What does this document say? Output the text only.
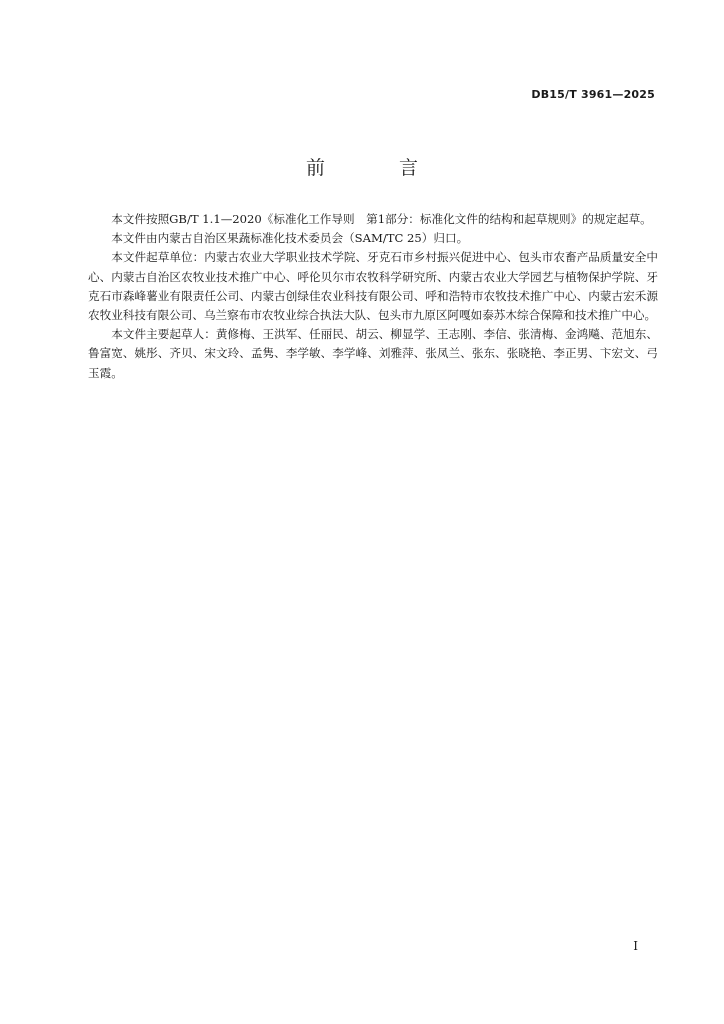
DB15/T 3961—2025
前 言

本文件按照GB/T 1.1—2020《标准化工作导则　第1部分：标准化文件的结构和起草规则》的规定起草。

本文件由内蒙古自治区果蔬标准化技术委员会（SAM/TC 25）归口。

本文件起草单位：内蒙古农业大学职业技术学院、牙克石市乡村振兴促进中心、包头市农畜产品质量安全中心、内蒙古自治区农牧业技术推广中心、呼伦贝尔市农牧科学研究所、内蒙古农业大学园艺与植物保护学院、牙克石市森峰薯业有限责任公司、内蒙古创绿佳农业科技有限公司、呼和浩特市农牧技术推广中心、内蒙古宏禾源农牧业科技有限公司、乌兰察布市农牧业综合执法大队、包头市九原区阿嘎如泰苏木综合保障和技术推广中心。

本文件主要起草人：黄修梅、王洪军、任丽民、胡云、柳显学、王志刚、李信、张清梅、金鸿飚、范旭东、鲁富宽、姚彤、齐贝、宋文玲、孟隽、李学敏、李学峰、刘雅萍、张凤兰、张东、张晓艳、李正男、卞宏文、弓玉霞。

I
